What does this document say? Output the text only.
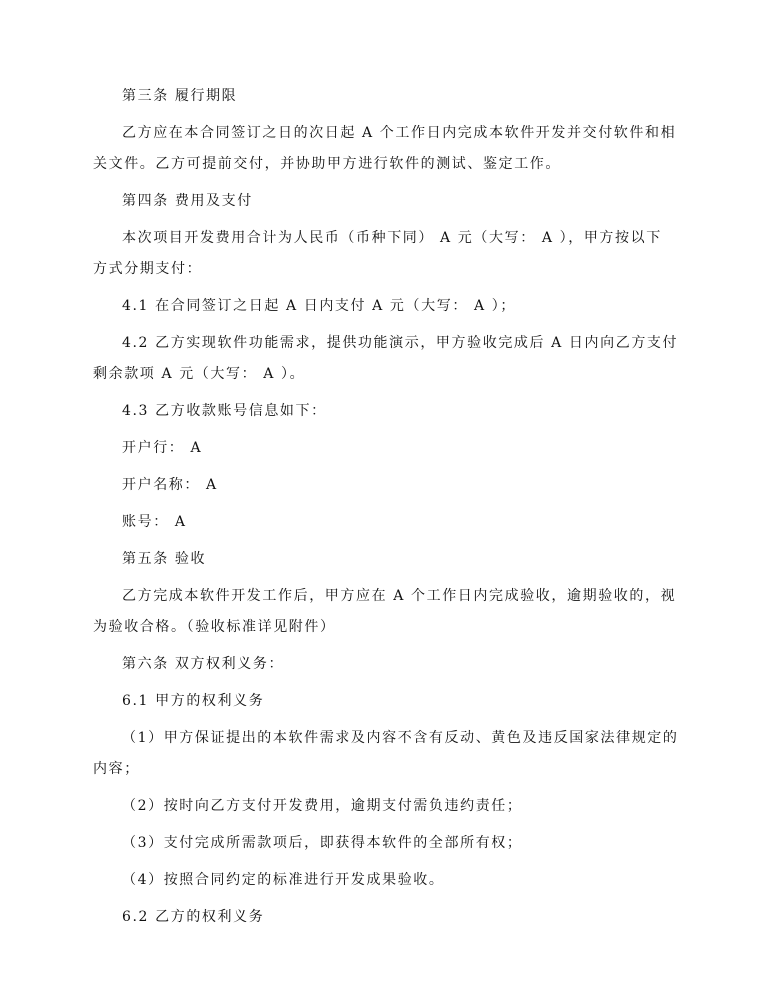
第三条 履行期限
乙方应在本合同签订之日的次日起 A 个工作日内完成本软件开发并交付软件和相
关文件。乙方可提前交付，并协助甲方进行软件的测试、鉴定工作。
第四条 费用及支付
本次项目开发费用合计为人民币（币种下同） A 元（大写： A ），甲方按以下
方式分期支付：
4.1 在合同签订之日起 A 日内支付 A 元（大写： A ）；
4.2 乙方实现软件功能需求，提供功能演示，甲方验收完成后 A 日内向乙方支付
剩余款项 A 元（大写： A ）。
4.3 乙方收款账号信息如下：
开户行： A
开户名称： A
账号： A
第五条 验收
乙方完成本软件开发工作后，甲方应在 A 个工作日内完成验收，逾期验收的，视
为验收合格。（验收标准详见附件）
第六条 双方权利义务：
6.1 甲方的权利义务
（1）甲方保证提出的本软件需求及内容不含有反动、黄色及违反国家法律规定的
内容；
（2）按时向乙方支付开发费用，逾期支付需负违约责任；
（3）支付完成所需款项后，即获得本软件的全部所有权；
（4）按照合同约定的标准进行开发成果验收。
6.2 乙方的权利义务
